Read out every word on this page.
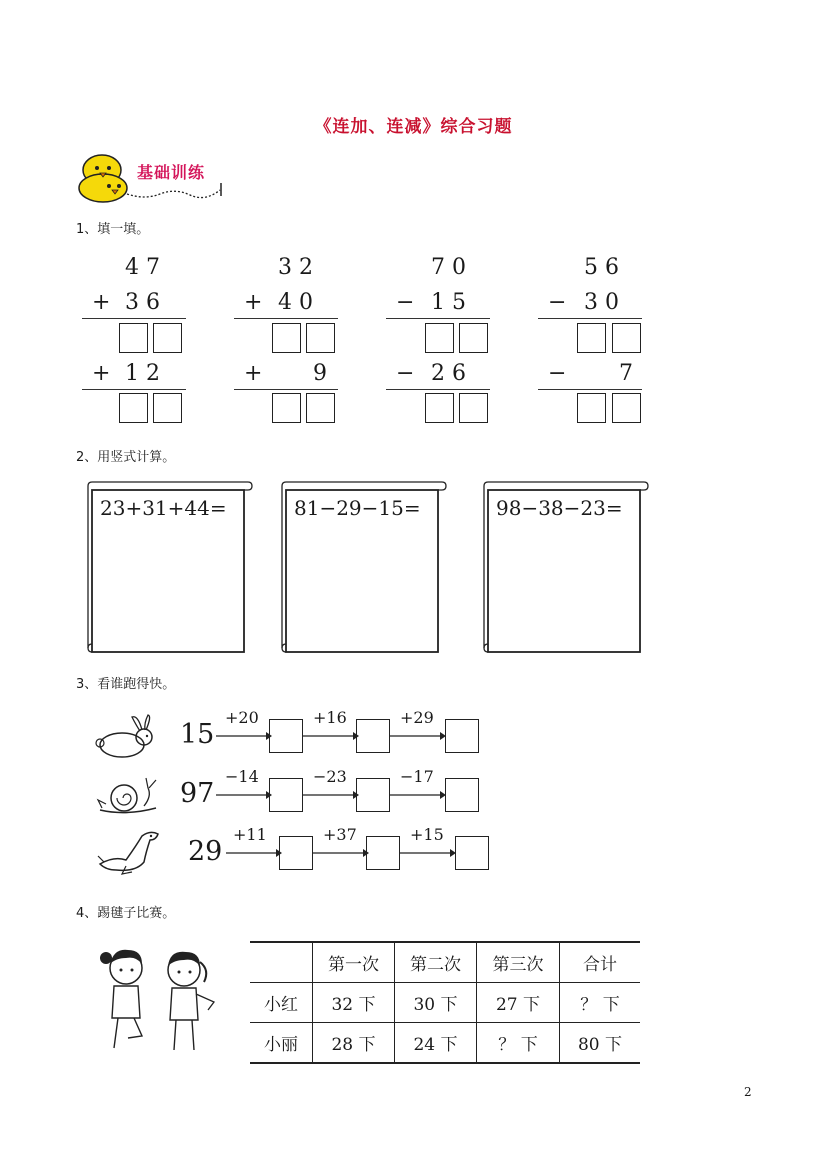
《连加、连减》综合习题
基础训练
1、填一填。
4 7
+ 3 6
+ 1 2
3 2
+ 4 0
+ 9
7 0
− 1 5
− 2 6
5 6
− 3 0
− 7
2、用竖式计算。
23+31+44=	81−29−15=	98−38−23=
3、看谁跑得快。
15
+20	+16	+29
97
−14	−23	−17
29
+11	+37	+15
4、踢毽子比赛。
	第一次	第二次	第三次	合计
小红	32 下	30 下	27 下	？ 下
小丽	28 下	24 下	？ 下	80 下
2
